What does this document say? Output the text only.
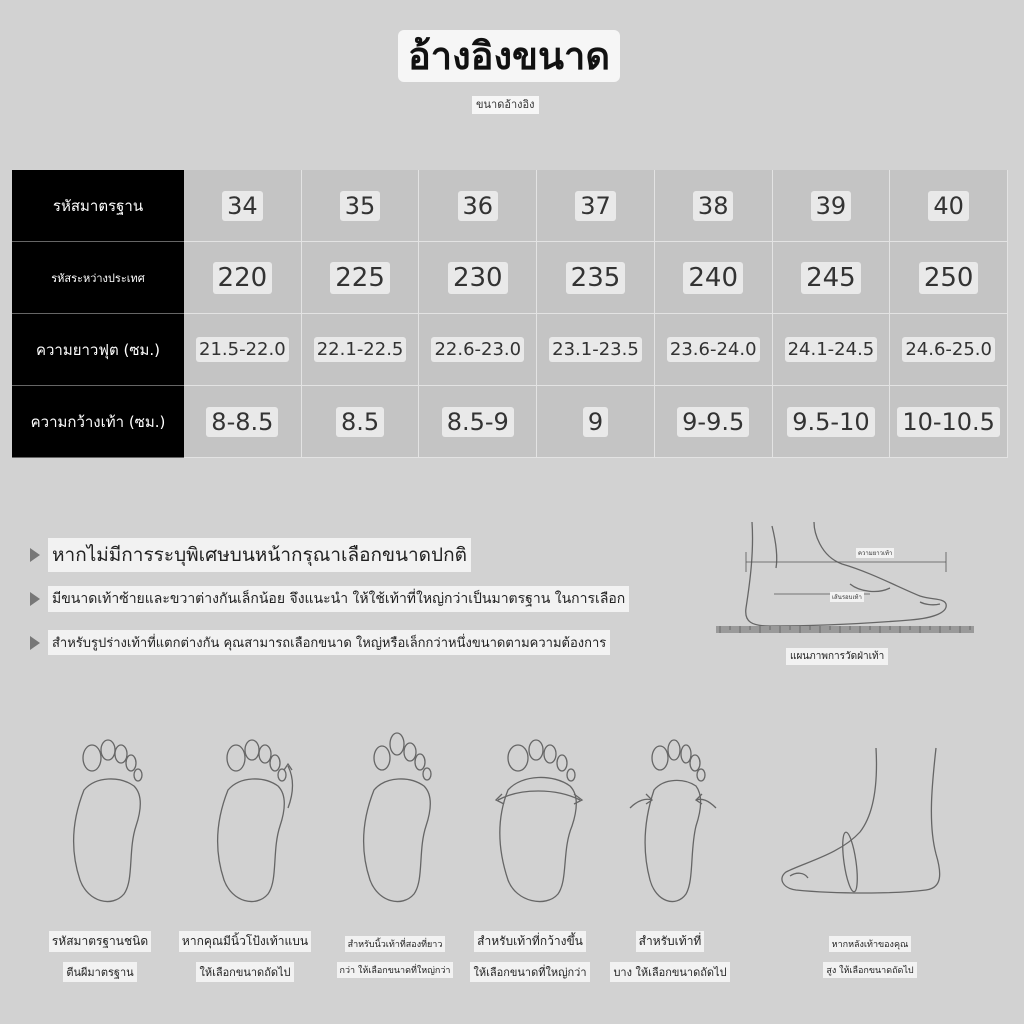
อ้างอิงขนาด
ขนาดอ้างอิง
รหัสมาตรฐาน	34	35	36	37	38	39	40
รหัสระหว่างประเทศ	220	225	230	235	240	245	250
ความยาวฟุต (ซม.)	21.5-22.0 22.1-22.5 22.6-23.0 23.1-23.5 23.6-24.0 24.1-24.5 24.6-25.0
ความกว้างเท้า (ซม.)	8-8.5	8.5	8.5-9	9	9-9.5 9.5-10 10-10.5
หากไม่มีการระบุพิเศษบนหน้ากรุณาเลือกขนาดปกติ
มีขนาดเท้าซ้ายและขวาต่างกันเล็กน้อย จึงแนะนำ ให้ใช้เท้าที่ใหญ่กว่าเป็นมาตรฐาน ในการเลือก
สำหรับรูปร่างเท้าที่แตกต่างกัน คุณสามารถเลือกขนาด ใหญ่หรือเล็กกว่าหนึ่งขนาดตามความต้องการ
ความยาวเท้า
เส้นรอบเท้า
แผนภาพการวัดฝ่าเท้า
รหัสมาตรฐานชนิด
ตีนผีมาตรฐาน
หากคุณมีนิ้วโป้งเท้าแบน
ให้เลือกขนาดถัดไป
สำหรับนิ้วเท้าที่สองที่ยาว
กว่า ให้เลือกขนาดที่ใหญ่กว่า
สำหรับเท้าที่กว้างขึ้น
ให้เลือกขนาดที่ใหญ่กว่า
สำหรับเท้าที่
บาง ให้เลือกขนาดถัดไป
หากหลังเท้าของคุณ
สูง ให้เลือกขนาดถัดไป
